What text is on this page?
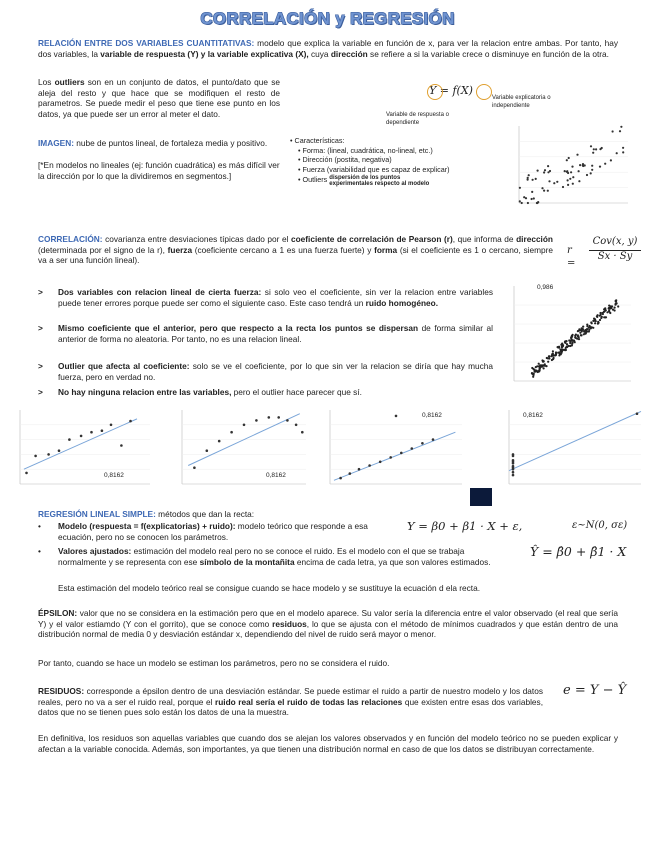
CORRELACIÓN y REGRESIÓN
RELACIÓN ENTRE DOS VARIABLES CUANTITATIVAS: modelo que explica la variable en función de x, para ver la relacion entre ambas. Por tanto, hay dos variables, la variable de respuesta (Y) y la variable explicativa (X), cuya dirección se refiere a si la variable crece o disminuye en función de la otra.
Los outliers son en un conjunto de datos, el punto/dato que se aleja del resto y que hace que se modifiquen el resto de parametros. Se puede medir el peso que tiene ese punto en los datos, ya que puede ser un error al meter el dato.
IMAGEN: nube de puntos lineal, de fortaleza media y positivo.
[*En modelos no lineales (ej: función cuadrática) es más difícil ver la dirección por lo que la dividiremos en segmentos.]
Y = f(X)
Variable de respuesta o dependiente
Variable explicatoria o independiente
• Características:
• Forma: (lineal, cuadrática, no-lineal, etc.)
• Dirección (postita, negativa)
• Fuerza (variabilidad que es capaz de explicar)
• Outliers dispersión de los puntos experimentales respecto al modelo
CORRELACIÓN: covarianza entre desviaciones típicas dado por el coeficiente de correlación de Pearson (r), que informa de dirección (determinada por el signo de la r), fuerza (coeficiente cercano a 1 es una fuerza fuerte) y forma (si el coeficiente es 1 o cercano, siempre va a ser una función lineal).
r =
Cov(x, y)
Sx · Sy
> Dos variables con relacion lineal de cierta fuerza: si solo veo el coeficiente, sin ver la relacion entre variables puede tener errores porque puede ser como el siguiente caso. Este caso tendrá un ruido homogéneo.
> Mismo coeficiente que el anterior, pero que respecto a la recta los puntos se dispersan de forma similar al anterior de forma no aleatoria. Por tanto, no es una relacion lineal.
> Outlier que afecta al coeficiente: solo se ve el coeficiente, por lo que sin ver la relacion se diría que hay mucha fuerza, pero en verdad no.
> No hay ninguna relacion entre las variables, pero el outlier hace parecer que sí.
0,986
0,8162	0,8162
0,8162	0,8162
REGRESIÓN LINEAL SIMPLE: métodos que dan la recta:
• Modelo (respuesta = f(explicatorias) + ruido): modelo teórico que responde a esa ecuación, pero no se conocen los parámetros.
• Valores ajustados: estimación del modelo real pero no se conoce el ruido. Es el modelo con el que se trabaja normalmente y se representa con ese símbolo de la montañita encima de cada letra, ya que son valores estimados.
Esta estimación del modelo teórico real se consigue cuando se hace modelo y se sustituye la ecuación d ela recta.
Y = β0 + β1 · X + ε,	ε~N(0, σε)
Ŷ = β̂0 + β̂1 · X
ÉPSILON: valor que no se considera en la estimación pero que en el modelo aparece. Su valor sería la diferencia entre el valor observado (el real que sería Y) y el valor estiamdo (Y con el gorrito), que se conoce como residuos, lo que se ajusta con el método de mínimos cuadrados y que están dentro de una distribución normal de media 0 y desviación estándar x, dependiendo del nivel de ruido será mayor o menor.
Por tanto, cuando se hace un modelo se estiman los parámetros, pero no se considera el ruido.
RESIDUOS: corresponde a épsilon dentro de una desviación estándar. Se puede estimar el ruido a partir de nuestro modelo y los datos reales, pero no va a ser el ruido real, porque el ruido real sería el ruido de todas las relaciones que existen entre esas dos variables, datos que no se tienen pues solo están los datos de una la muestra.
e = Y − Ŷ
En definitiva, los residuos son aquellas variables que cuando dos se alejan los valores observados y en función del modelo teórico no se pueden explicar y afectan a la variable conocida. Además, son importantes, ya que tienen una distribución normal en caso de que los datos se distribuyan correctamente.
